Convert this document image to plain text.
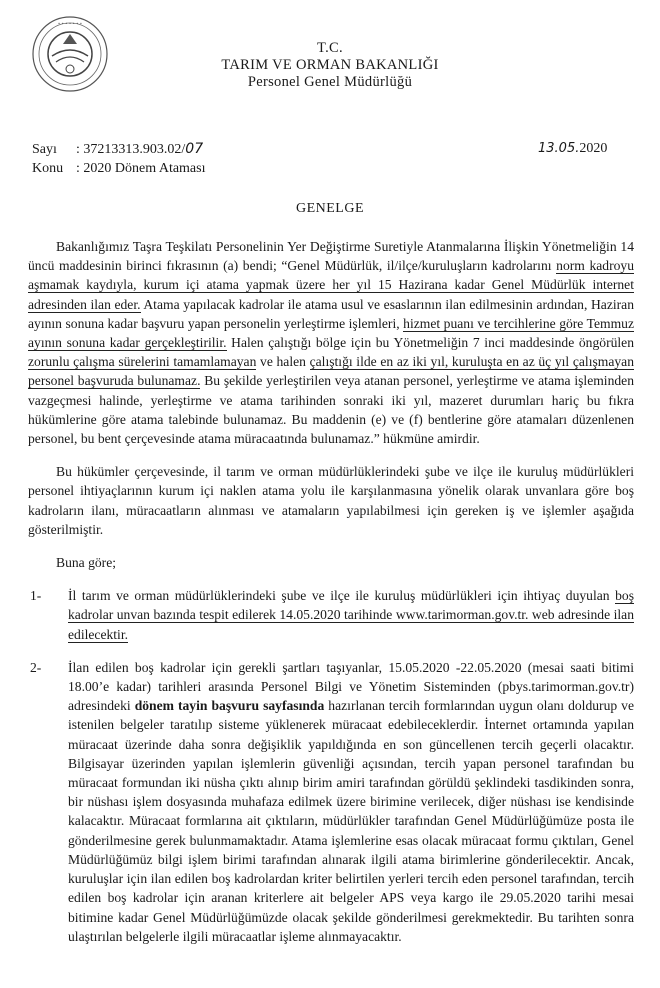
• • • • • • •
T.C.
TARIM VE ORMAN BAKANLIĞI
Personel Genel Müdürlüğü
Sayı	: 37213313.903.02/ 07
Konu : 2020 Dönem Ataması
13.05.2020
GENELGE

Bakanlığımız Taşra Teşkilatı Personelinin Yer Değiştirme Suretiyle Atanmalarına İlişkin Yönetmeliğin 14 üncü maddesinin birinci fıkrasının (a) bendi; “Genel Müdürlük, il/ilçe/kuruluşların kadrolarını norm kadroyu aşmamak kaydıyla, kurum içi atama yapmak üzere her yıl 15 Hazirana kadar Genel Müdürlük internet adresinden ilan eder. Atama yapılacak kadrolar ile atama usul ve esaslarının ilan edilmesinin ardından, Haziran ayının sonuna kadar başvuru yapan personelin yerleştirme işlemleri, hizmet puanı ve tercihlerine göre Temmuz ayının sonuna kadar gerçekleştirilir. Halen çalıştığı bölge için bu Yönetmeliğin 7 inci maddesinde öngörülen zorunlu çalışma sürelerini tamamlamayan ve halen çalıştığı ilde en az iki yıl, kuruluşta en az üç yıl çalışmayan personel başvuruda bulunamaz. Bu şekilde yerleştirilen veya atanan personel, yerleştirme ve atama işleminden vazgeçmesi halinde, yerleştirme ve atama tarihinden sonraki iki yıl, mazeret durumları hariç bu fıkra hükümlerine göre atama talebinde bulunamaz. Bu maddenin (e) ve (f) bentlerine göre atamaları düzenlenen personel, bu bent çerçevesinde atama müracaatında bulunamaz.” hükmüne amirdir.

Bu hükümler çerçevesinde, il tarım ve orman müdürlüklerindeki şube ve ilçe ile kuruluş müdürlükleri personel ihtiyaçlarının kurum içi naklen atama yolu ile karşılanmasına yönelik olarak unvanlara göre boş kadroların ilanı, müracaatların alınması ve atamaların yapılabilmesi için gereken iş ve işlemler aşağıda gösterilmiştir.

Buna göre;

1- İl tarım ve orman müdürlüklerindeki şube ve ilçe ile kuruluş müdürlükleri için ihtiyaç duyulan boş kadrolar unvan bazında tespit edilerek 14.05.2020 tarihinde www.tarimorman.gov.tr. web adresinde ilan edilecektir.
2- İlan edilen boş kadrolar için gerekli şartları taşıyanlar, 15.05.2020 -22.05.2020 (mesai saati bitimi 18.00’e kadar) tarihleri arasında Personel Bilgi ve Yönetim Sisteminden (pbys.tarimorman.gov.tr) adresindeki dönem tayin başvuru sayfasında hazırlanan tercih formlarından uygun olanı doldurup ve istenilen belgeler taratılıp sisteme yüklenerek müracaat edebileceklerdir. İnternet ortamında yapılan müracaat üzerinde daha sonra değişiklik yapıldığında en son güncellenen tercih geçerli olacaktır. Bilgisayar üzerinden yapılan işlemlerin güvenliği açısından, tercih yapan personel tarafından bu müracaat formundan iki nüsha çıktı alınıp birim amiri tarafından görüldü şeklindeki tasdikinden sonra, bir nüshası işlem dosyasında muhafaza edilmek üzere birimine verilecek, diğer nüshası ise kendisinde kalacaktır. Müracaat formlarına ait çıktıların, müdürlükler tarafından Genel Müdürlüğümüze posta ile gönderilmesine gerek bulunmamaktadır. Atama işlemlerine esas olacak müracaat formu çıktıları, Genel Müdürlüğümüz bilgi işlem birimi tarafından alınarak ilgili atama birimlerine gönderilecektir. Ancak, kuruluşlar için ilan edilen boş kadrolardan kriter belirtilen yerleri tercih eden personel tarafından, tercih edilen boş kadrolar için aranan kriterlere ait belgeler APS veya kargo ile 29.05.2020 tarihi mesai bitimine kadar Genel Müdürlüğümüzde olacak şekilde gönderilmesi gerekmektedir. Bu tarihten sonra ulaştırılan belgelerle ilgili müracaatlar işleme alınmayacaktır.
